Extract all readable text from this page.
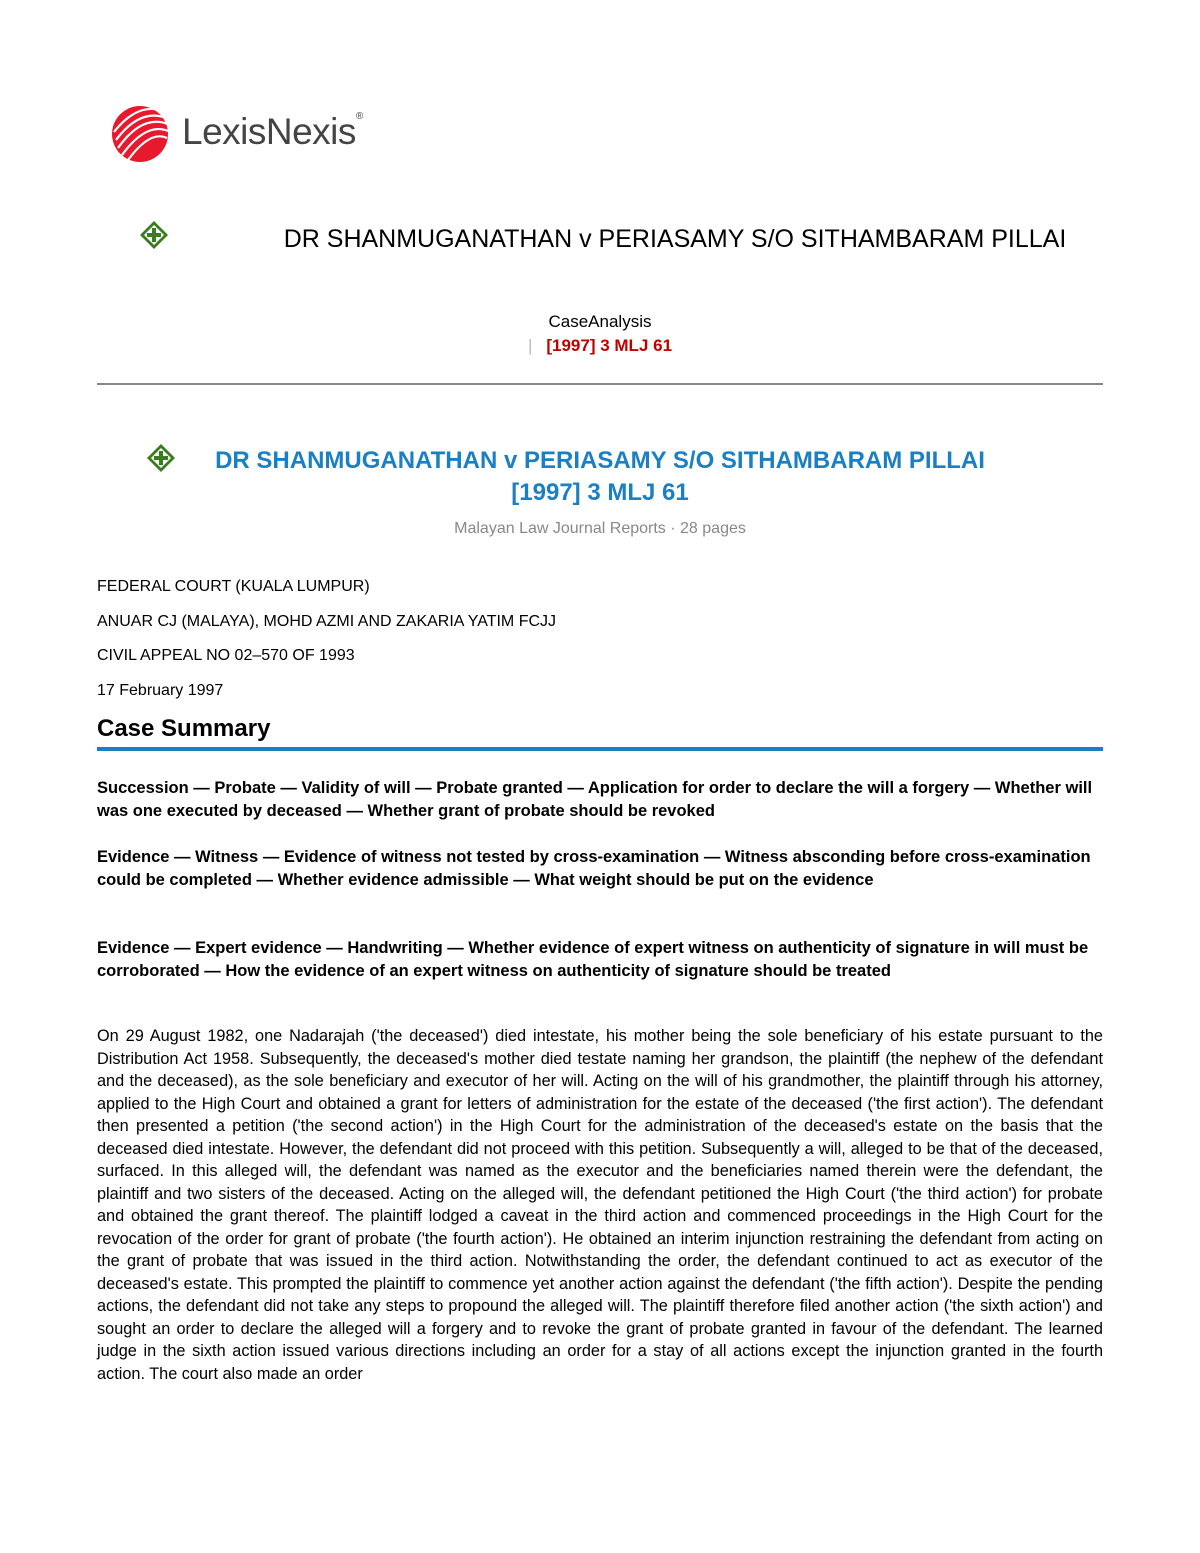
LexisNexis®
DR SHANMUGANATHAN v PERIASAMY S/O SITHAMBARAM PILLAI
CaseAnalysis
| [1997] 3 MLJ 61
DR SHANMUGANATHAN v PERIASAMY S/O SITHAMBARAM PILLAI
[1997] 3 MLJ 61
Malayan Law Journal Reports · 28 pages
FEDERAL COURT (KUALA LUMPUR)
ANUAR CJ (MALAYA), MOHD AZMI AND ZAKARIA YATIM FCJJ
CIVIL APPEAL NO 02–570 OF 1993
17 February 1997
Case Summary
Succession — Probate — Validity of will — Probate granted — Application for order to declare the will a forgery — Whether will was one executed by deceased — Whether grant of probate should be revoked
Evidence — Witness — Evidence of witness not tested by cross-examination — Witness absconding before cross-examination could be completed — Whether evidence admissible — What weight should be put on the evidence
Evidence — Expert evidence — Handwriting — Whether evidence of expert witness on authenticity of signature in will must be corroborated — How the evidence of an expert witness on authenticity of signature should be treated

On 29 August 1982, one Nadarajah ('the deceased') died intestate, his mother being the sole beneficiary of his estate pursuant to the Distribution Act 1958. Subsequently, the deceased's mother died testate naming her grandson, the plaintiff (the nephew of the defendant and the deceased), as the sole beneficiary and executor of her will. Acting on the will of his grandmother, the plaintiff through his attorney, applied to the High Court and obtained a grant for letters of administration for the estate of the deceased ('the first action'). The defendant then presented a petition ('the second action') in the High Court for the administration of the deceased's estate on the basis that the deceased died intestate. However, the defendant did not proceed with this petition. Subsequently a will, alleged to be that of the deceased, surfaced. In this alleged will, the defendant was named as the executor and the beneficiaries named therein were the defendant, the plaintiff and two sisters of the deceased. Acting on the alleged will, the defendant petitioned the High Court ('the third action') for probate and obtained the grant thereof. The plaintiff lodged a caveat in the third action and commenced proceedings in the High Court for the revocation of the order for grant of probate ('the fourth action'). He obtained an interim injunction restraining the defendant from acting on the grant of probate that was issued in the third action. Notwithstanding the order, the defendant continued to act as executor of the deceased's estate. This prompted the plaintiff to commence yet another action against the defendant ('the fifth action'). Despite the pending actions, the defendant did not take any steps to propound the alleged will. The plaintiff therefore filed another action ('the sixth action') and sought an order to declare the alleged will a forgery and to revoke the grant of probate granted in favour of the defendant. The learned judge in the sixth action issued various directions including an order for a stay of all actions except the injunction granted in the fourth action. The court also made an order
